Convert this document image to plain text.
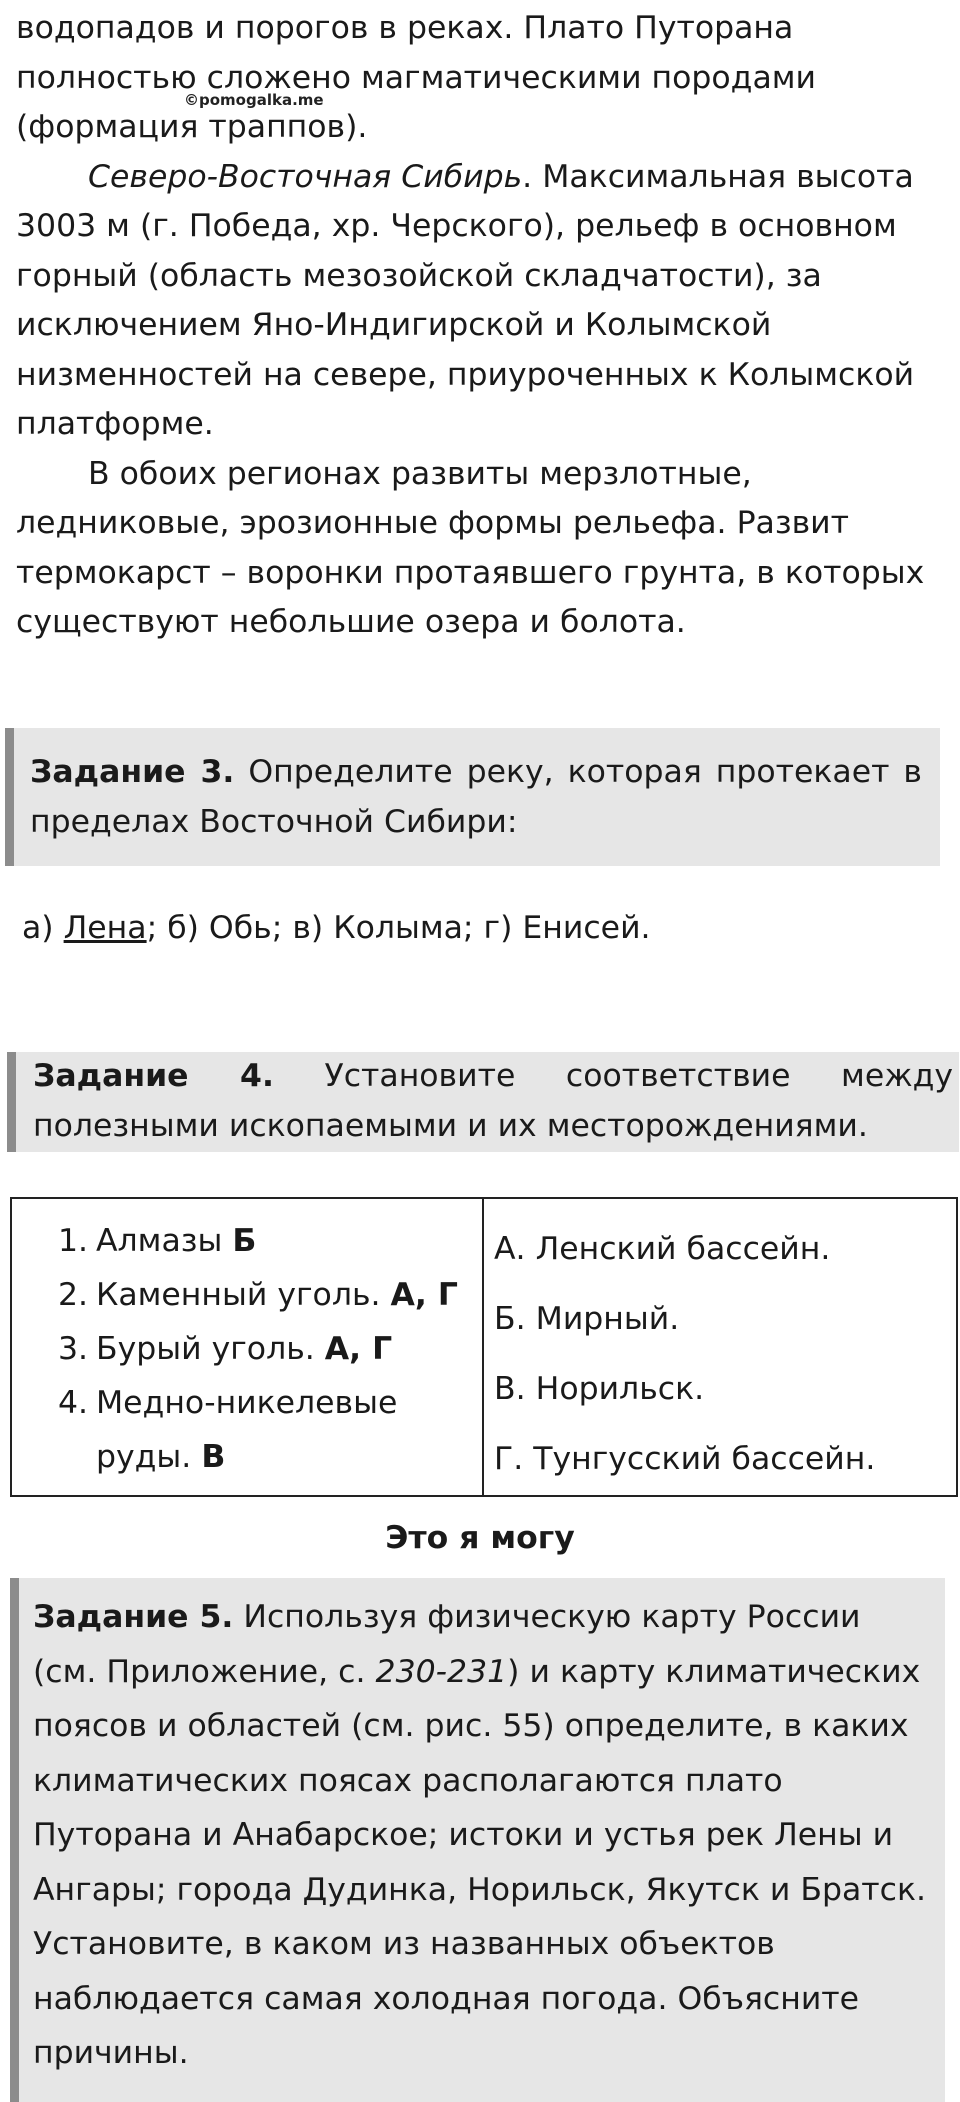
водопадов и порогов в реках. Плато Путорана полностью сложено магматическими породами (формация траппов).

Северо-Восточная Сибирь. Максимальная высота 3003 м (г. Победа, хр. Черского), рельеф в основном горный (область мезозойской складчатости), за исключением Яно-Индигирской и Колымской низменностей на севере, приуроченных к Колымской платформе.

В обоих регионах развиты мерзлотные, ледниковые, эрозионные формы рельефа. Развит термокарст – воронки протаявшего грунта, в которых существуют небольшие озера и болота.

©pomogalka.me

Задание 3. Определите реку, которая протекает в пределах Восточной Сибири:

а) Лена; б) Обь; в) Колыма; г) Енисей.

Задание 4. Установите соответствие между полезными ископаемыми и их месторождениями.

1. Алмазы Б
2. Каменный уголь. А, Г
3. Бурый уголь. А, Г
4. Медно-никелевые руды. В
А. Ленский бассейн.
Б. Мирный.
В. Норильск.
Г. Тунгусский бассейн.
Это я могу

Задание 5. Используя физическую карту России (см. Приложение, с. 230-231) и карту климатических поясов и областей (см. рис. 55) определите, в каких климатических поясах располагаются плато Путорана и Анабарское; истоки и устья рек Лены и Ангары; города Дудинка, Норильск, Якутск и Братск. Установите, в каком из названных объектов наблюдается самая холодная погода. Объясните причины.
